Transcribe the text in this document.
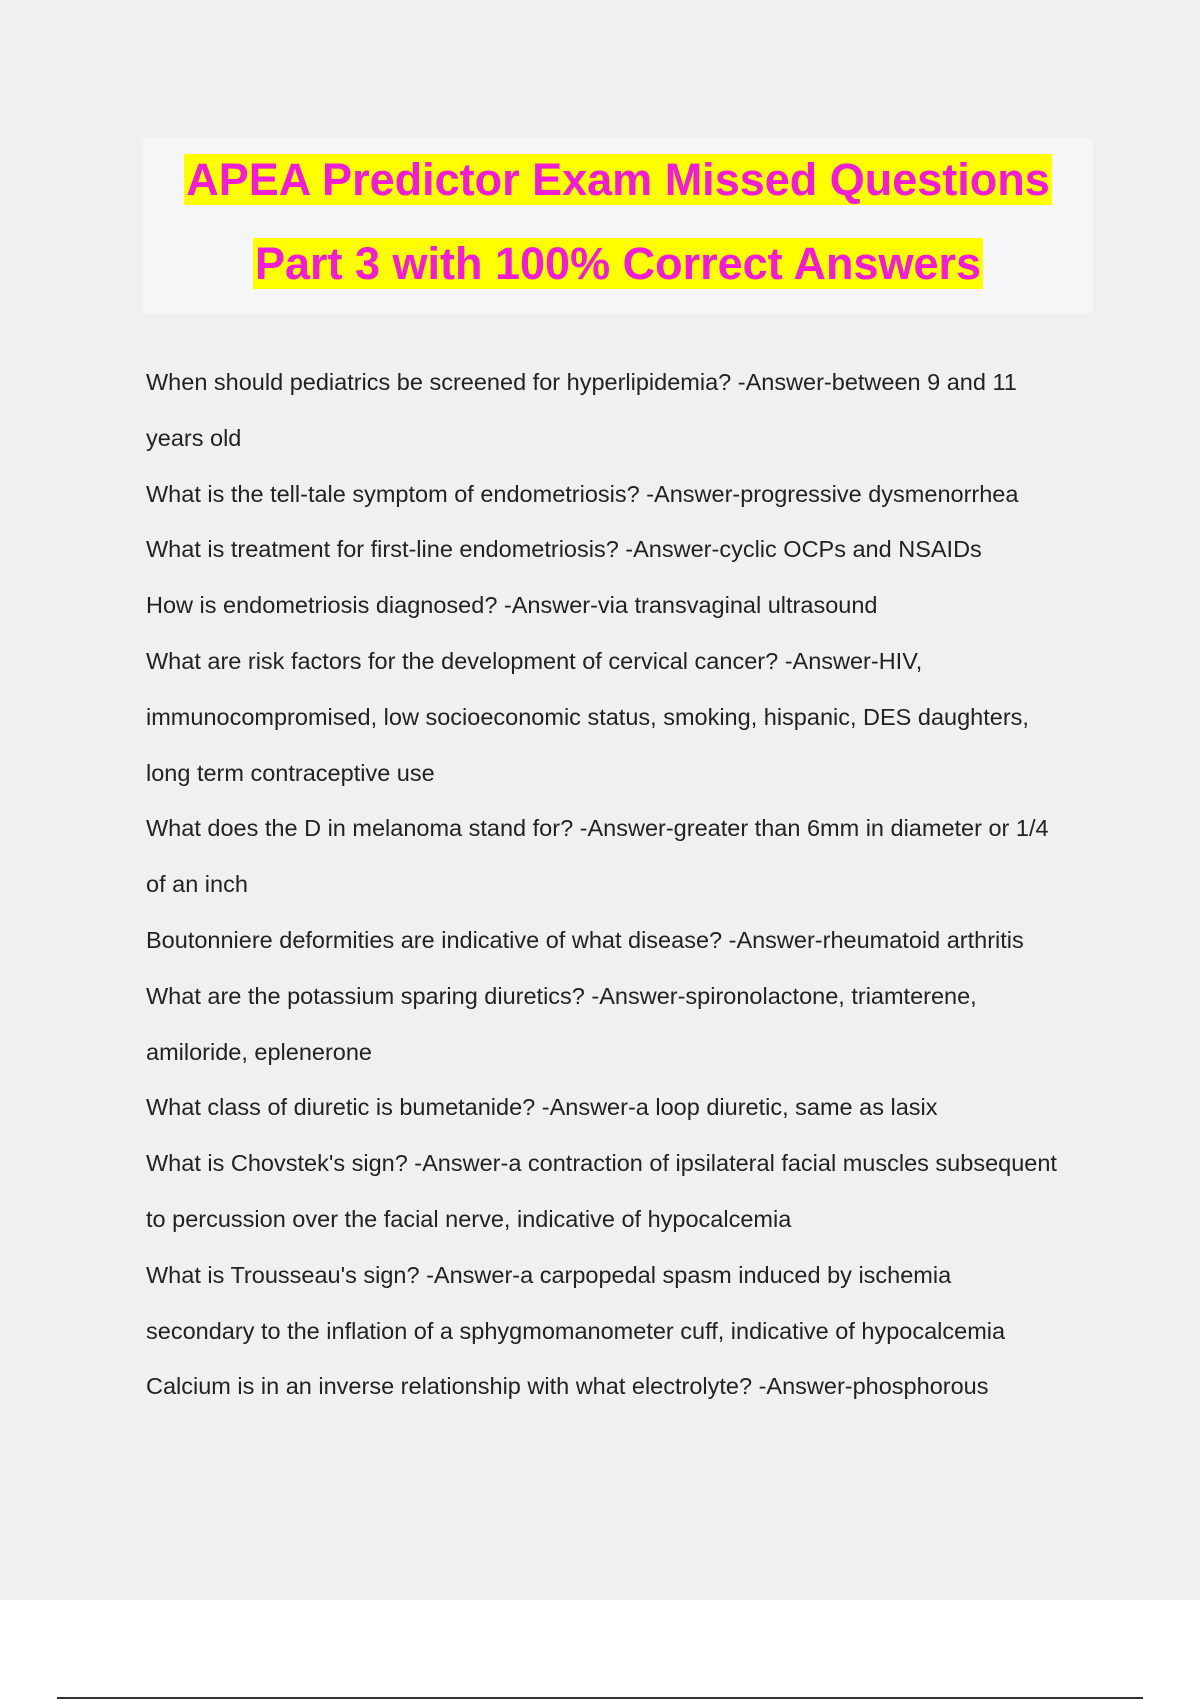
APEA Predictor Exam Missed Questions
Part 3 with 100% Correct Answers
When should pediatrics be screened for hyperlipidemia? -Answer-between 9 and 11
years old
What is the tell-tale symptom of endometriosis? -Answer-progressive dysmenorrhea
What is treatment for first-line endometriosis? -Answer-cyclic OCPs and NSAIDs
How is endometriosis diagnosed? -Answer-via transvaginal ultrasound
What are risk factors for the development of cervical cancer? -Answer-HIV,
immunocompromised, low socioeconomic status, smoking, hispanic, DES daughters,
long term contraceptive use
What does the D in melanoma stand for? -Answer-greater than 6mm in diameter or 1/4
of an inch
Boutonniere deformities are indicative of what disease? -Answer-rheumatoid arthritis
What are the potassium sparing diuretics? -Answer-spironolactone, triamterene,
amiloride, eplenerone
What class of diuretic is bumetanide? -Answer-a loop diuretic, same as lasix
What is Chovstek's sign? -Answer-a contraction of ipsilateral facial muscles subsequent
to percussion over the facial nerve, indicative of hypocalcemia
What is Trousseau's sign? -Answer-a carpopedal spasm induced by ischemia
secondary to the inflation of a sphygmomanometer cuff, indicative of hypocalcemia
Calcium is in an inverse relationship with what electrolyte? -Answer-phosphorous
